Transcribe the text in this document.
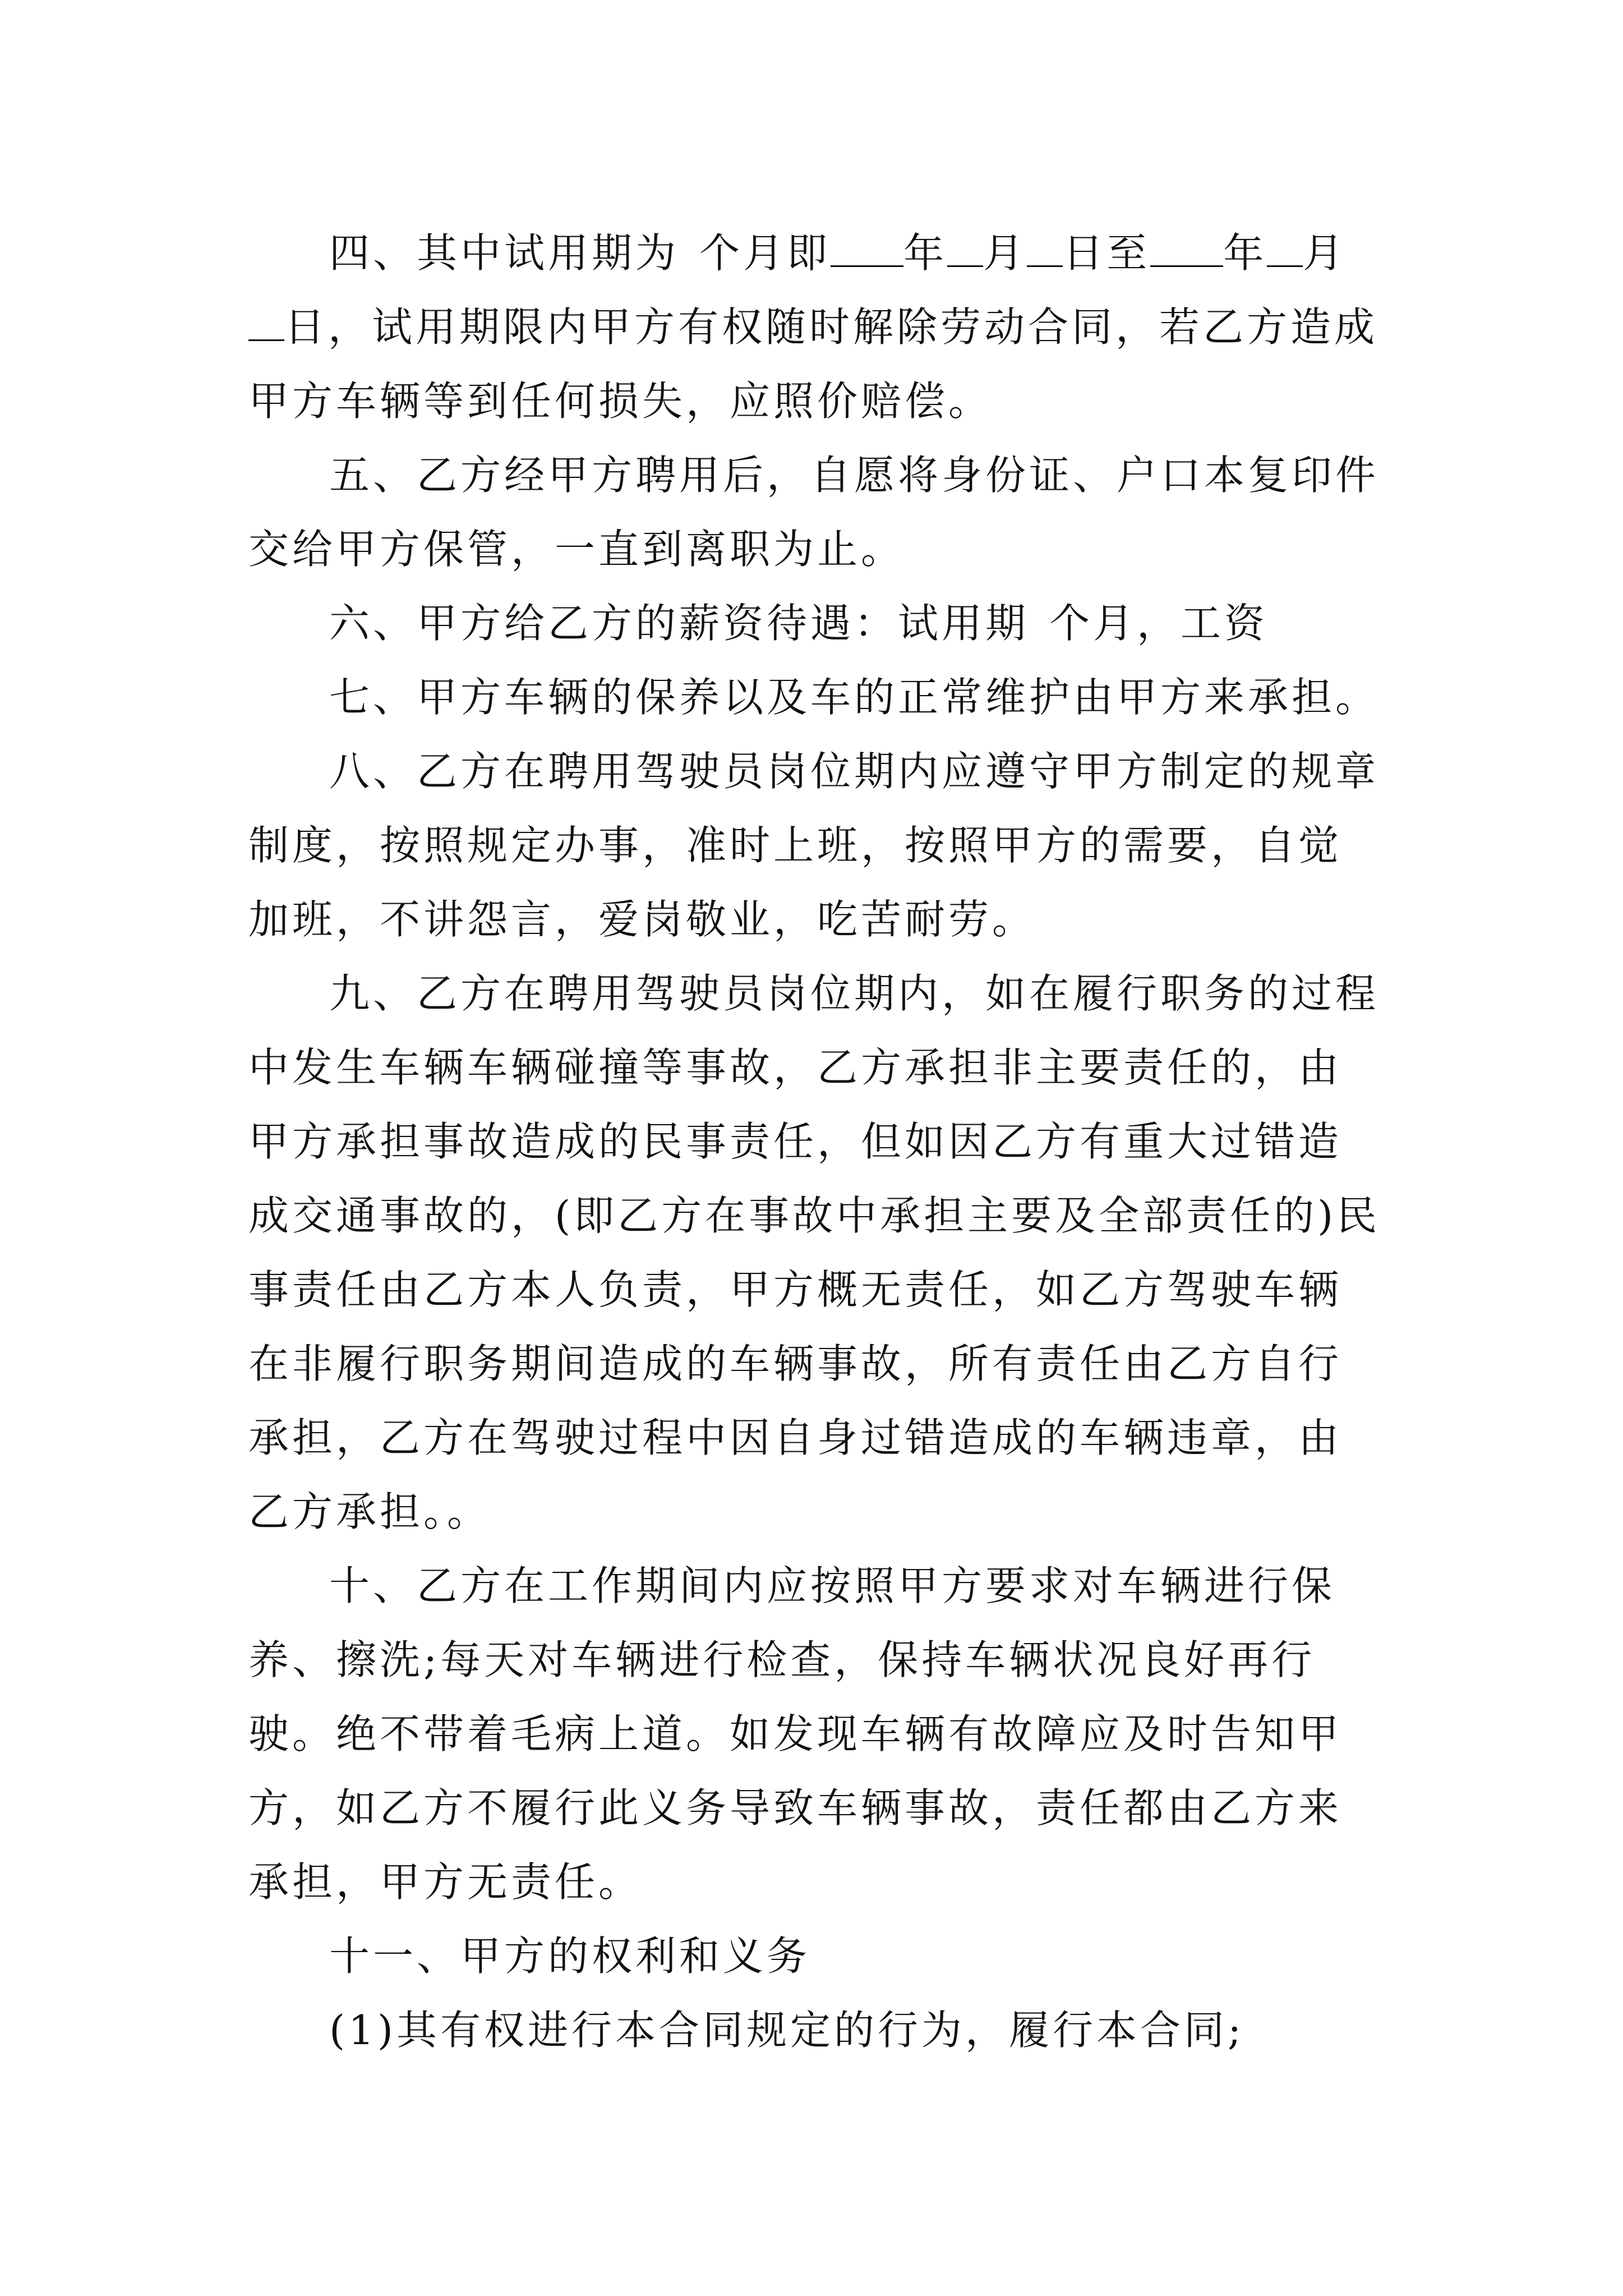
四、其中试用期为 个月即 年 月 日至 年 月日，试用期限内甲方有权随时解除劳动合同，若乙方造成甲方车辆等到任何损失，应照价赔偿。

五、乙方经甲方聘用后，自愿将身份证、户口本复印件交给甲方保管，一直到离职为止。

六、甲方给乙方的薪资待遇：试用期 个月，工资

七、甲方车辆的保养以及车的正常维护由甲方来承担。

八、乙方在聘用驾驶员岗位期内应遵守甲方制定的规章制度，按照规定办事，准时上班，按照甲方的需要，自觉加班，不讲怨言，爱岗敬业，吃苦耐劳。

九、乙方在聘用驾驶员岗位期内，如在履行职务的过程中发生车辆车辆碰撞等事故，乙方承担非主要责任的，由甲方承担事故造成的民事责任，但如因乙方有重大过错造成交通事故的，(即乙方在事故中承担主要及全部责任的)民事责任由乙方本人负责，甲方概无责任，如乙方驾驶车辆在非履行职务期间造成的车辆事故，所有责任由乙方自行承担，乙方在驾驶过程中因自身过错造成的车辆违章，由乙方承担。。

十、乙方在工作期间内应按照甲方要求对车辆进行保养、擦洗;每天对车辆进行检查，保持车辆状况良好再行驶。绝不带着毛病上道。如发现车辆有故障应及时告知甲方，如乙方不履行此义务导致车辆事故，责任都由乙方来承担，甲方无责任。

十一、甲方的权利和义务

(1)其有权进行本合同规定的行为，履行本合同;
